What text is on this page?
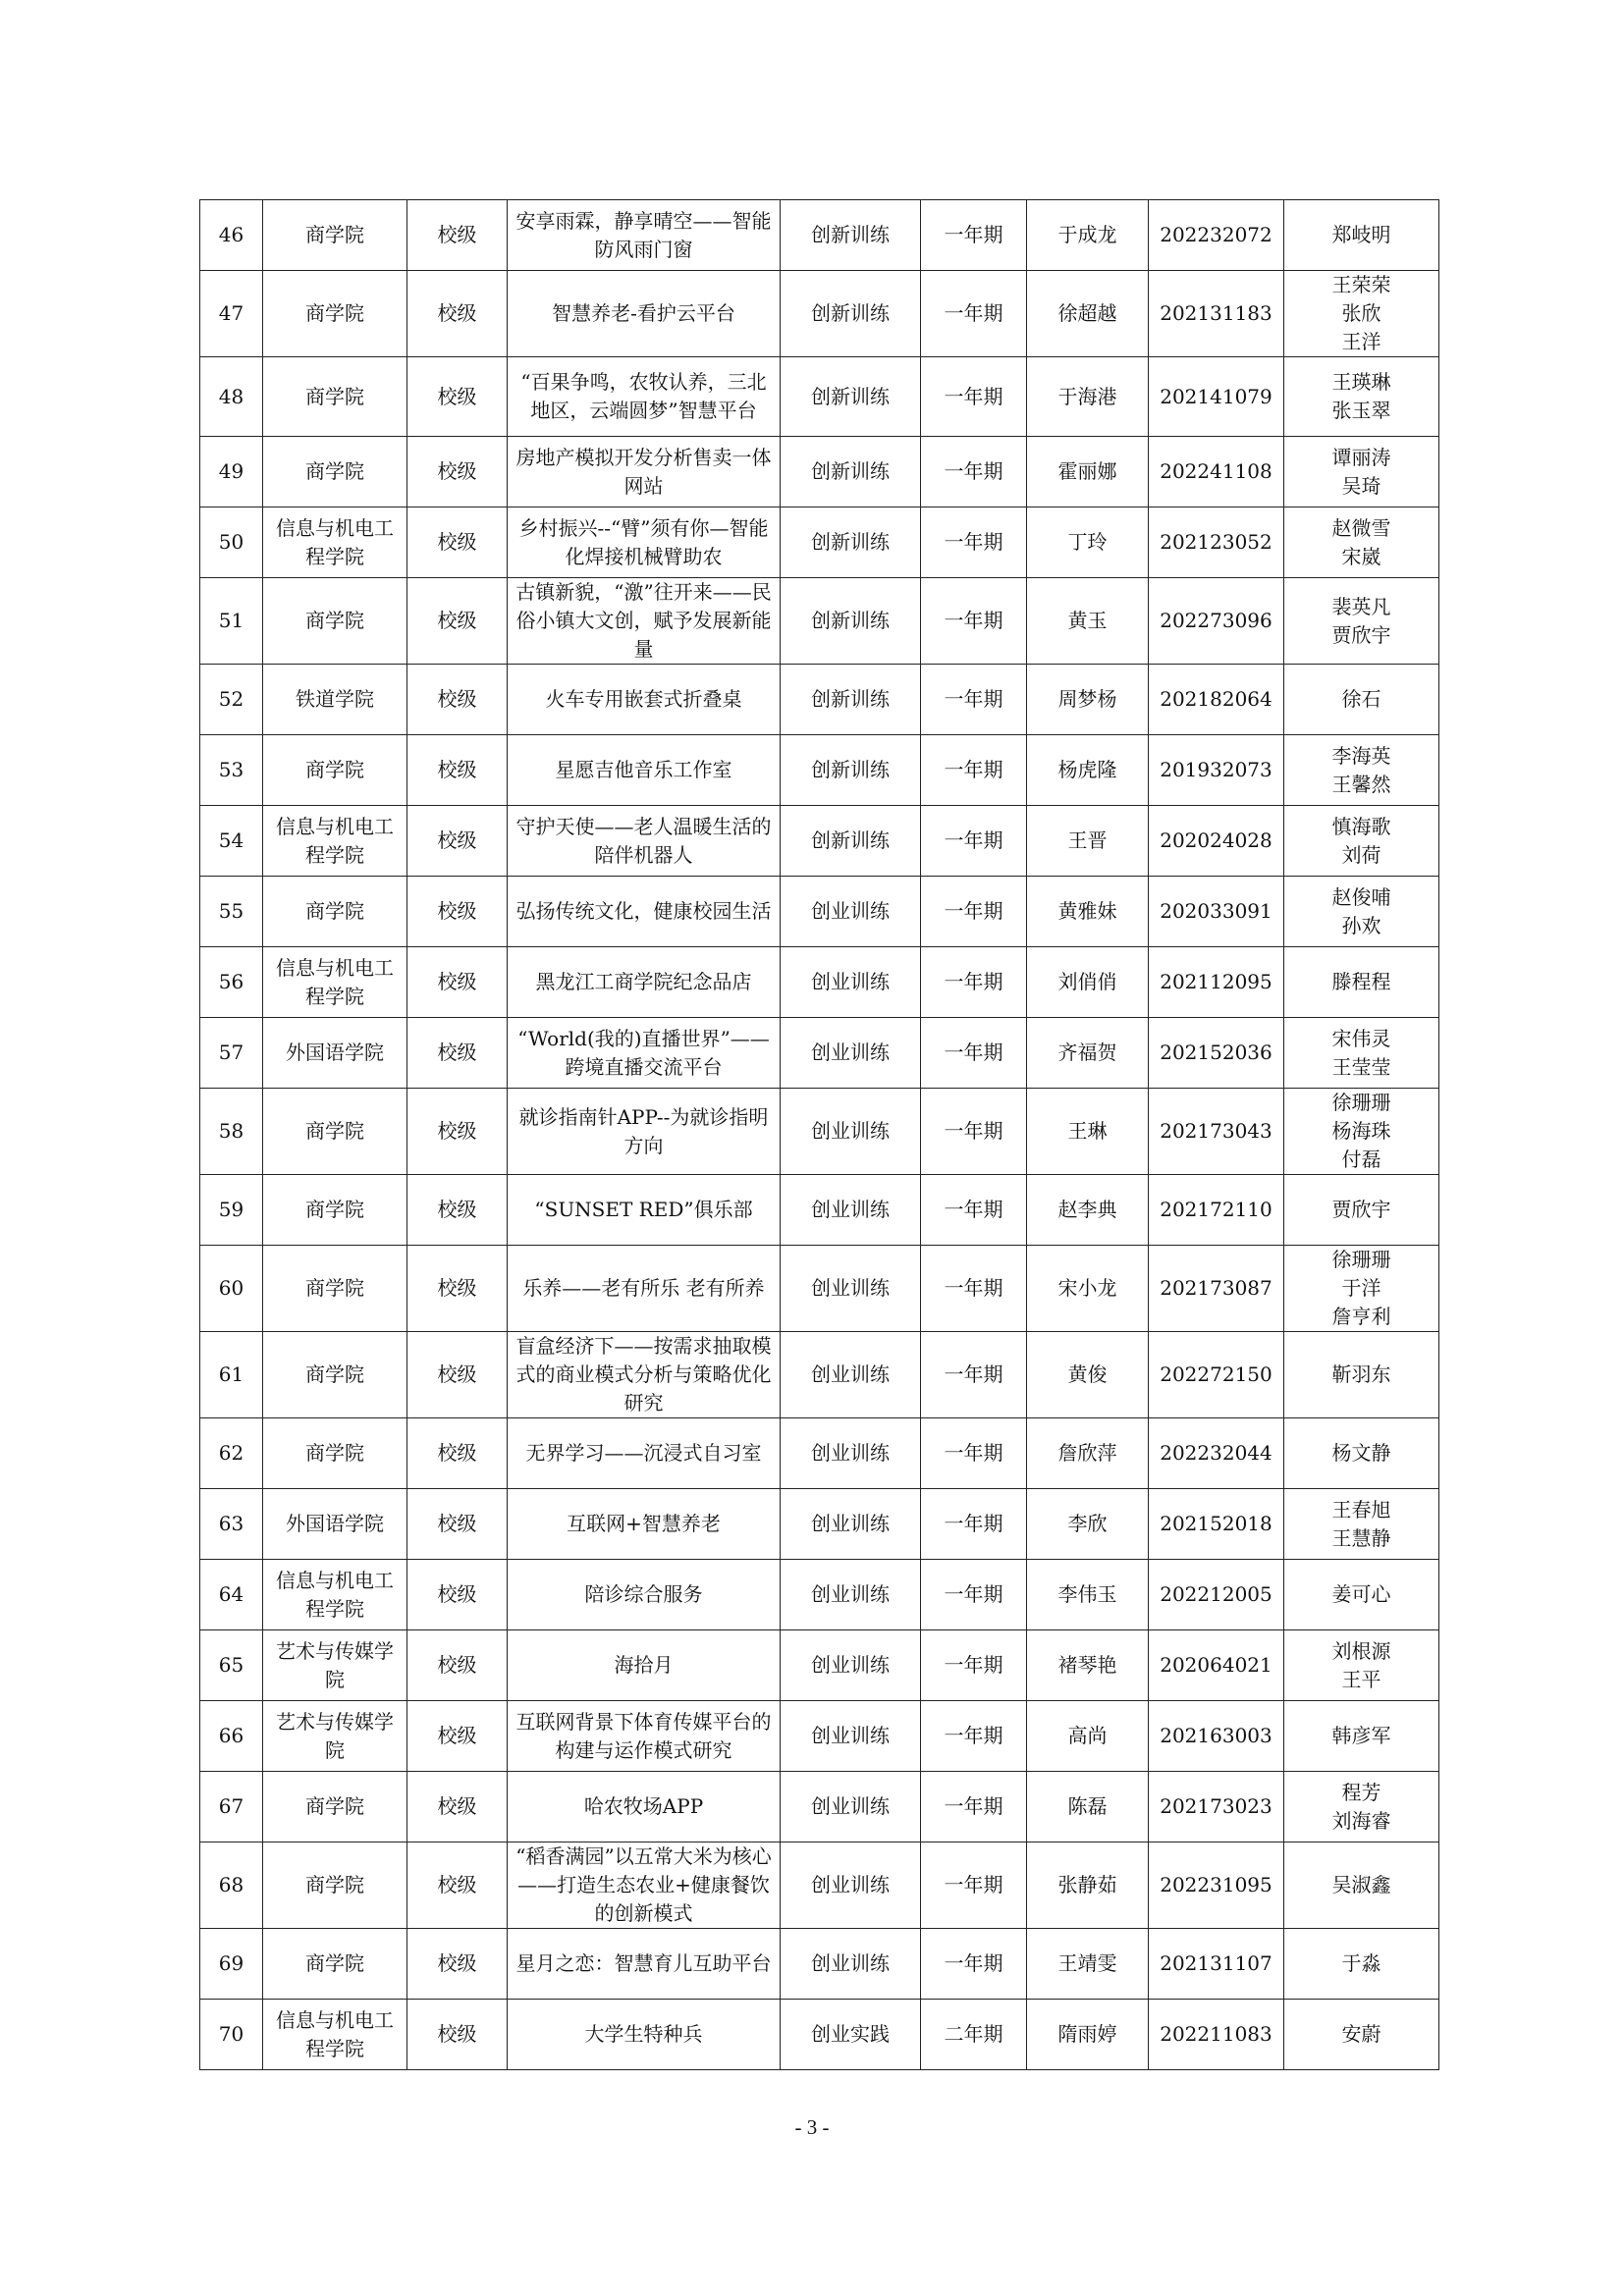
46	商学院	校级	安享雨霖，静享晴空——智能防风雨门窗	创新训练	一年期	于成龙	202232072	郑岐明

47	商学院	校级	智慧养老-看护云平台	创新训练	一年期	徐超越	202131183	王荣荣
张欣
王洋

48	商学院	校级	“百果争鸣，农牧认养，三北地区，云端圆梦”智慧平台	创新训练	一年期	于海港	202141079	王瑛琳
张玉翠

49	商学院	校级	房地产模拟开发分析售卖一体网站	创新训练	一年期	霍丽娜	202241108	谭丽涛
吴琦

50	信息与机电工程学院	校级	乡村振兴--“臂”须有你—智能化焊接机械臂助农	创新训练	一年期	丁玲	202123052	赵微雪
宋崴

51	商学院	校级	古镇新貌，“激”往开来——民俗小镇大文创，赋予发展新能量	创新训练	一年期	黄玉	202273096	裴英凡
贾欣宇

52	铁道学院	校级	火车专用嵌套式折叠桌	创新训练	一年期	周梦杨	202182064	徐石

53	商学院	校级	星愿吉他音乐工作室	创新训练	一年期	杨虎隆	201932073	李海英
王馨然

54	信息与机电工程学院	校级	守护天使——老人温暖生活的陪伴机器人	创新训练	一年期	王晋	202024028	慎海歌
刘荷

55	商学院	校级	弘扬传统文化，健康校园生活	创业训练	一年期	黄雅妹	202033091	赵俊哺
孙欢

56	信息与机电工程学院	校级	黑龙江工商学院纪念品店	创业训练	一年期	刘俏俏	202112095	滕程程

57	外国语学院	校级	“World(我的)直播世界”——跨境直播交流平台	创业训练	一年期	齐福贺	202152036	宋伟灵
王莹莹

58	商学院	校级	就诊指南针APP--为就诊指明方向	创业训练	一年期	王琳	202173043	徐珊珊
杨海珠
付磊

59	商学院	校级	“SUNSET RED”俱乐部	创业训练	一年期	赵李典	202172110	贾欣宇

60	商学院	校级	乐养——老有所乐 老有所养	创业训练	一年期	宋小龙	202173087	徐珊珊
于洋
詹亨利

61	商学院	校级	盲盒经济下——按需求抽取模式的商业模式分析与策略优化研究	创业训练	一年期	黄俊	202272150	靳羽东

62	商学院	校级	无界学习——沉浸式自习室	创业训练	一年期	詹欣萍	202232044	杨文静

63	外国语学院	校级	互联网+智慧养老	创业训练	一年期	李欣	202152018	王春旭
王慧静

64	信息与机电工程学院	校级	陪诊综合服务	创业训练	一年期	李伟玉	202212005	姜可心

65	艺术与传媒学院	校级	海拾月	创业训练	一年期	褚琴艳	202064021	刘根源
王平

66	艺术与传媒学院	校级	互联网背景下体育传媒平台的构建与运作模式研究	创业训练	一年期	高尚	202163003	韩彦军

67	商学院	校级	哈农牧场APP	创业训练	一年期	陈磊	202173023	程芳
刘海睿

68	商学院	校级	“稻香满园”以五常大米为核心——打造生态农业+健康餐饮的创新模式	创业训练	一年期	张静茹	202231095	吴淑鑫

69	商学院	校级	星月之恋：智慧育儿互助平台	创业训练	一年期	王靖雯	202131107	于淼

70	信息与机电工程学院	校级	大学生特种兵	创业实践	二年期	隋雨婷	202211083	安蔚
- 3 -
